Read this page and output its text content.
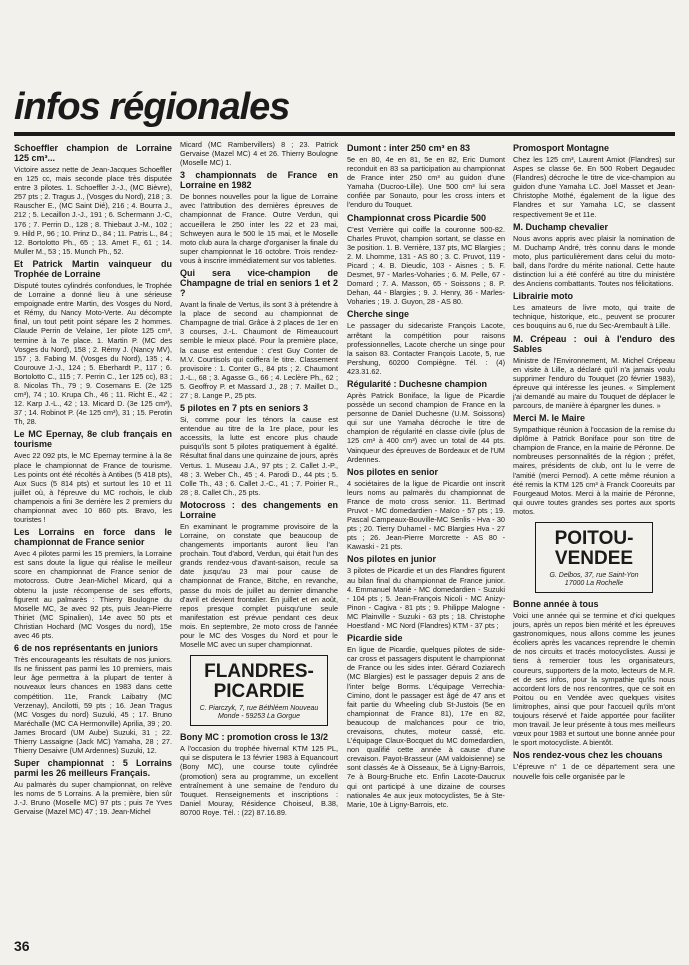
infos régionales
Schoeffler champion de Lorraine 125 cm³...

Victoire assez nette de Jean-Jacques Schoeffler en 125 cc, mais seconde place très disputée entre 3 pilotes. 1. Schoeffler J.-J., (MC Bièvre), 257 pts ; 2. Tragus J., (Vosges du Nord), 218 ; 3. Rauscher E., (MC Saint Dié), 216 ; 4. Bourra J., 212 ; 5. Lecaillon J.-J., 191 ; 6. Schermann J.-C, 176 ; 7. Perrin D., 128 ; 8. Thiebaut J.-M., 102 ; 9. Hild P., 96 ; 10. Prinz D., 84 ; 11. Patris L., 84 ; 12. Bortolotto Ph., 65 ; 13. Amet F., 61 ; 14. Muller M., 53 ; 15. Munch Ph., 52.

Et Patrick Martin vainqueur du Trophée de Lorraine

Disputé toutes cylindrés confondues, le Trophée de Lorraine a donné lieu à une sérieuse empoignade entre Martin, des Vosges du Nord, et Rémy, du Nancy Moto-Verte. Au décompte final, un tout petit point sépare les 2 hommes. Claude Perrin de Velaine, 1er pilote 125 cm³, termine à la 7e place. 1. Martin P. (MC des Vosges du Nord), 158 ; 2. Rémy J. (Nancy MV), 157 ; 3. Fabing M. (Vosges du Nord), 135 ; 4. Courouve J.-J., 124 ; 5. Eberhardt P., 117 ; 6. Bortolotto C., 115 ; 7. Perrin C., 1er 125 cc), 83 ; 8. Nicolas Th., 79 ; 9. Cosemans E. (2e 125 cm³), 74 ; 10. Krupa Ch., 46 ; 11. Richt E., 42 ; 12. Karp J.-L., 42 ; 13. Micard D. (3e 125 cm³), 37 ; 14. Robinot P. (4e 125 cm³), 31 ; 15. Perotin Th, 28.

Le MC Epernay, 8e club français en tourisme

Avec 22 092 pts, le MC Epernay termine à la 8e place le championnat de France de tourisme. Les points ont été récoltés à Antibes (5 418 pts), Aux Sucs (5 814 pts) et surtout les 10 et 11 juillet où, à l'épreuve du MC rochois, le club champenois a fini 3e derrière les 2 premiers du championnat avec 10 860 pts. Bravo, les touristes !

Les Lorrains en force dans le championnat de France senior

Avec 4 pilotes parmi les 15 premiers, la Lorraine est sans doute la ligue qui réalise le meilleur score en championnat de France senior de motocross. Outre Jean-Michel Micard, qui a obtenu la juste récompense de ses efforts, figurent au palmarès : Thierry Boulogne du Moselle MC, 3e avec 92 pts, puis Jean-Pierre Thiriet (MC Spinalien), 14e avec 50 pts et Christian Hochard (MC Vosges du nord), 15e avec 46 pts.

6 de nos représentants en juniors

Très encourageants les résultats de nos juniors. Ils ne finissent pas parmi les 10 premiers, mais leur âge permettra à la plupart de tenter à nouveaux leurs chances en 1983 dans cette compétition. 11e, Franck Laibatry (MC Verzenay), Ancilotti, 59 pts ; 16. Jean Tragus (MC Vosges du nord) Suzuki, 45 ; 17. Bruno Maréchalle (MC CA Hermonville) Aprilia, 39 ; 20. James Brocard (UM Aube) Suzuki, 31 ; 22. Thierry Lassaigne (Jack MC) Yamaha, 28 ; 27. Thierry Desaivre (UM Ardennes) Suzuki, 12.

Super championnat : 5 Lorrains parmi les 26 meilleurs Français.

Au palmarès du super championnat, on relève les noms de 5 Lorrains. A la première, bien sûr J.-J. Bruno (Moselle MC) 97 pts ; puis 7e Yves Gervaise (Mazel MC) 47 ; 19. Jean-Michel

Micard (MC Rambervillers) 8 ; 23. Patrick Gervaise (Mazel MC) 4 et 26. Thierry Boulogne (Moselle MC) 1.

3 championnats de France en Lorraine en 1982

De bonnes nouvelles pour la ligue de Lorraine avec l'attribution des dernières épreuves de championnat de France. Outre Verdun, qui accueillera le 250 inter les 22 et 23 mai, Schweyen aura le 500 le 15 mai, et le Moselle moto club aura la charge d'organiser la finale du super championnat le 16 octobre. Trois rendez-vous à inscrire immédiatement sur vos tablettes.

Qui sera vice-champion de Champagne de trial en seniors 1 et 2 ?

Avant la finale de Vertus, ils sont 3 à prétendre à la place de second au championnat de Champagne de trial. Grâce à 2 places de 1er en 3 courses, J.-L. Chaumont de Rimeaucourt semble le mieux placé. Pour la première place, la cause est entendue : c'est Guy Conter de M.V. Courtisols qui coiffera le titre. Classement provisoire : 1. Conter G., 84 pts ; 2. Chaumont J.-L., 68 ; 3. Agasse G., 66 ; 4. Leclère Ph., 62 ; 5. Geoffroy P. et Massard J., 28 ; 7. Maillet D., 27 ; 8. Lange P., 25 pts.

5 pilotes en 7 pts en seniors 3

Si, comme pour les ténors la cause est entendue au titre de la 1re place, pour les accessits, la lutte est encore plus chaude puisqu'ils sont 5 pilotes pratiquement à égalité. Résultat final dans une quinzaine de jours, après Vertus. 1. Museau J.A., 97 pts ; 2. Callet J.-P., 48 ; 3. Weber Ch., 45 ; 4. Parodi D., 44 pts ; 5. Colle Th., 43 ; 6. Callet J.-C., 41 ; 7. Poirier R., 28 ; 8. Callet Ch., 25 pts.

Motocross : des changements en Lorraine

En examinant le programme provisoire de la Lorraine, on constate que beaucoup de changements importants auront lieu l'an prochain. Tout d'abord, Verdun, qui était l'un des grands rendez-vous d'avant-saison, recule sa date jusqu'au 23 mai pour cause de championnat de France, Bitche, en revanche, passe du mois de juillet au dernier dimanche d'avril et devient frontalier. En juillet et en août, repos presque complet puisqu'une seule manifestation est prévue pendant ces deux mois. En septembre, 2e moto cross de l'année pour le MC des Vosges du Nord et pour le Moselle MC avec un super championnat.

FLANDRES-PICARDIE
C. Piarczyk, 7, rue Béthléem Nouveau Monde - 59253 La Gorgue
Bony MC : promotion cross le 13/2

A l'occasion du trophée hivernal KTM 125 PL, qui se disputera le 13 février 1983 à Equancourt (Bony MC), une course toute cylindrée (promotion) sera au programme, un excellent entraînement à une semaine de l'enduro du Touquet. Renseignements et inscriptions : Daniel Mouray, Résidence Choiseul, B.38, 80700 Roye. Tél. : (22) 87.16.89.

Dumont : inter 250 cm³ en 83

5e en 80, 4e en 81, 5e en 82, Eric Dumont reconduit en 83 sa participation au championnat de France inter 250 cm³ au guidon d'une Yamaha (Ducroo-Lille). Une 500 cm³ lui sera confiée par Sonauto, pour les cross inters et l'enduro du Touquet.

Championnat cross Picardie 500

C'est Verrière qui coiffe la couronne 500-82. Charles Pruvot, champion sortant, se classe en 3e position. 1. B. Verrière, 137 pts, MC Blargies ; 2. M. Lhomme, 131 - AS 80 ; 3. C. Pruvot, 119 - Picard ; 4. B. Dieudic, 103 - Aisnes ; 5. F. Desmet, 97 - Marles-Voharies ; 6. M. Pelle, 67 - Domard ; 7. A. Masson, 65 - Soissons ; 8. P. Dehan, 44 - Blargies ; 9. J. Henry, 36 - Marles-Voharies ; 19. J. Guyon, 28 - AS 80.

Cherche singe

Le passager du sidecariste François Lacote, arrêtant la compétition pour raisons professionnelles, Lacote cherche un singe pour la saison 83. Contacter François Lacote, 5, rue Pershung, 60200 Compiègne. Tél. : (4) 423.31.62.

Régularité : Duchesne champion

Après Patrick Boniface, la ligue de Picardie possède un second champion de France en la personne de Daniel Duchesne (U.M. Soissons) qui sur une Yamaha décroche le titre de champion de régularité en classe civile (plus de 125 cm³ à 400 cm³) avec un total de 44 pts. Vainqueur des épreuves de Bordeaux et de l'UM Ardennes.

Nos pilotes en senior

4 sociétaires de la ligue de Picardie ont inscrit leurs noms au palmarès du championnat de France de moto cross senior. 11. Bertrnad Pruvot - MC domedardien - Maïco - 57 pts ; 19. Pascal Campeaux-Bouville-MC Senlis - Hva - 30 pts ; 20. Tierry Duhamel - MC Blargies Hva - 27 pts ; 26. Jean-Pierre Morcrette - AS 80 - Kawaski - 21 pts.

Nos pilotes en junior

3 pilotes de Picardie et un des Flandres figurent au bilan final du championnat de France junior. 4. Emmanuel Marié - MC domedardien - Suzuki - 104 pts ; 5. Jean-François Nicoli - MC Anizy-Pinon - Cagiva - 81 pts ; 9. Philippe Malogne - MC Plainville - Suzuki - 63 pts ; 18. Christophe Hoestland - MC Nord (Flandres) KTM - 37 pts ;

Picardie side

En ligue de Picardie, quelques pilotes de side-car cross et passagers disputent le championnat de France ou les sides inter. Gérard Coziarech (MC Blargies) est le passager depuis 2 ans de l'inter belge Borms. L'équipage Verrechia-Cimino, dont le passager est âgé de 47 ans et fait partie du Wheeling club St-Justois (5e en championnat de France 81), 17e en 82, beaucoup de malchances pour ce trio, crevaisons, chutes, moteur cassé, etc. L'équipage Claux-Bocquet du MC domedardien, non qualifié cette année à cause d'une crevaison. Payot-Brasseur (AM valdoisienne) se sont classés 4e à Oisseaux, 5e à Ligny-Barrois, 7e à Bourg-Bruche etc. Enfin Lacote-Daucrux qui ont participé à une dizaine de courses nationales 4e aux jeux motocyclistes, 5e à Ste-Marie, 10e à Ligny-Barrois, etc.

Promosport Montagne

Chez les 125 cm³, Laurent Amiot (Flandres) sur Aspes se classe 6e. En 500 Robert Degaudec (Flandres) décroche le titre de vice-champion au guidon d'une Yamaha LC. Joël Masset et Jean-Christophe Mothé, également de la ligue des Flandres et sur Yamaha LC, se classent respectivement 9e et 11e.

M. Duchamp chevalier

Nous avons appris avec plaisir la nomination de M. Duchamp André, très connu dans le monde moto, plus particulièrement dans celui du moto-ball, dans l'ordre du mérite national. Cette haute distinction lui a été conféré au titre du ministère des Anciens combattants. Toutes nos félicitations.

Librairie moto

Les amateurs de livre moto, qui traite de technique, historique, etc., peuvent se procurer ces bouquins au 6, rue du Sec-Arembault à Lille.

M. Crépeau : oui à l'enduro des Sables

Ministre de l'Environnement, M. Michel Crépeau en visite à Lille, a déclaré qu'il n'a jamais voulu supprimer l'enduro du Touquet (20 février 1983), épreuve qui intéresse les jeunes. « Simplement j'ai demandé au maire du Touquet de déplacer le parcours, de manière à épargner les dunes. »

Merci M. le Maire

Sympathique réunion à l'occasion de la remise du diplôme à Patrick Boniface pour son titre de champion de France, en la mairie de Péronne. De nombreuses personnalités de la région ; préfet, maires, présidents de club, ont lu le verre de l'amitié (merci Pernod). A cette même réunion a été remis la KTM 125 cm³ à Franck Cooreuits par Fourgeaud Motos. Merci à la mairie de Péronne, qui ouvre toutes grandes ses portes aux sports motos.

POITOU-VENDEE
G. Delbos, 37, rue Saint-Yon 17000 La Rochelle
Bonne année à tous

Voici une année qui se termine et d'ici quelques jours, après un repos bien mérité et les épreuves gastronomiques, nous allons comme les jeunes écoliers après les vacances reprendre le chemin de nos circuits et tracés motocyclistes. Aussi je tiens à remercier tous les organisateurs, coureurs, supporters de la moto, lecteurs de M.R. et de ses infos, pour la sympathie qu'ils nous accordent lors de nos rencontres, que ce soit en Poitou ou en Vendée avec quelques visites limitrophes, ainsi que pour l'accueil qu'ils m'ont toujours réservé et l'aide apportée pour faciliter mon travail. Je leur présente à tous mes meilleurs vœux pour 1983 et surtout une bonne année pour le sport motocycliste. A bientôt.

Nos rendez-vous chez les chouans

L'épreuve n° 1 de ce département sera une nouvelle fois celle organisée par le

36
